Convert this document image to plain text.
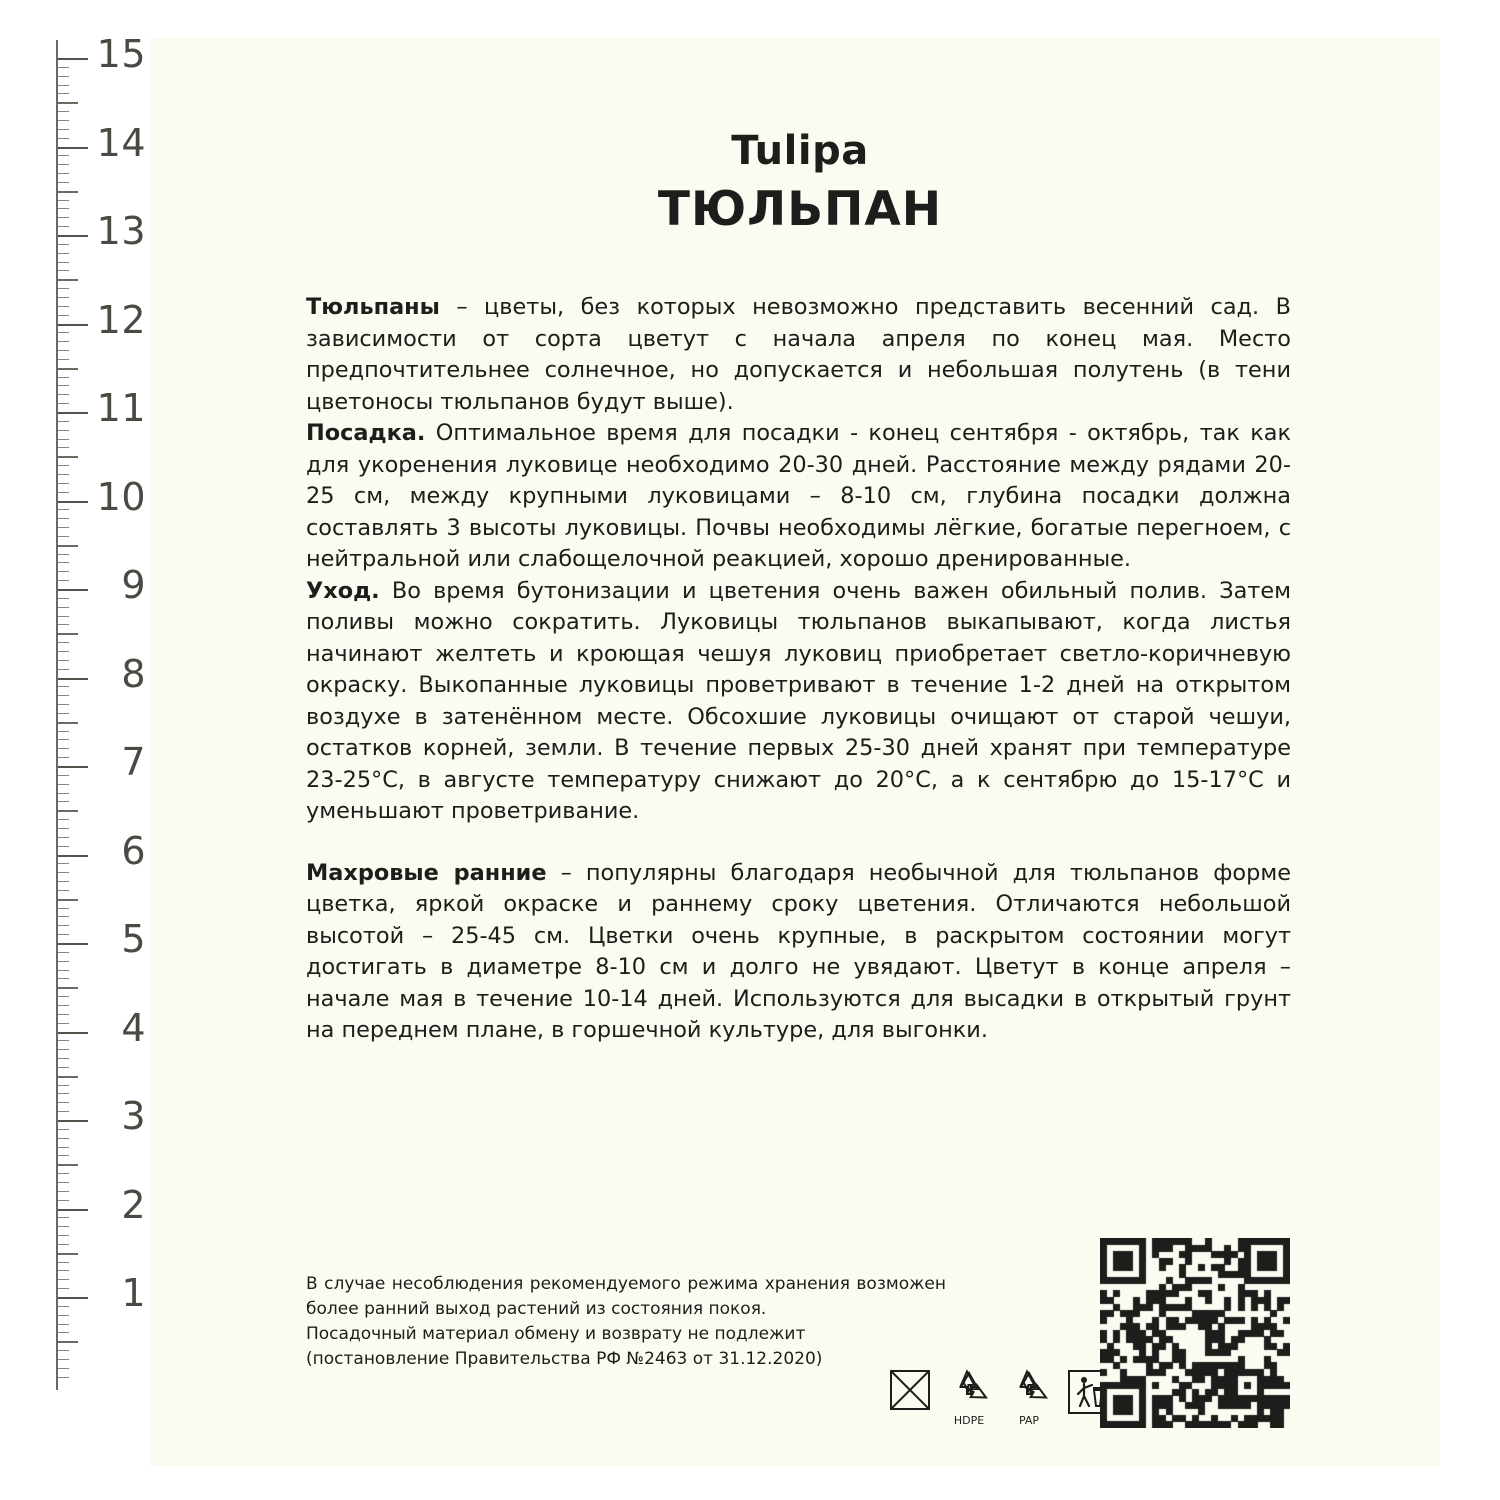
15
14
13
12
11
10
9
8
7
6
5
4
3
2
1
Tulipa
ТЮЛЬПАН
Тюльпаны – цветы, без которых невозможно представить весенний сад. В зависимости от сорта цветут с начала апреля по конец мая. Место предпочтительнее солнечное, но допускается и небольшая полутень (в тени цветоносы тюльпанов будут выше).
Посадка. Оптимальное время для посадки - конец сентября - октябрь, так как для укоренения луковице необходимо 20-30 дней. Расстояние между рядами 20-25 см, между крупными луковицами – 8-10 см, глубина посадки должна составлять 3 высоты луковицы. Почвы необходимы лёгкие, богатые перегноем, с нейтральной или слабощелочной реакцией, хорошо дренированные.
Уход. Во время бутонизации и цветения очень важен обильный полив. Затем поливы можно сократить. Луковицы тюльпанов выкапывают, когда листья начинают желтеть и кроющая чешуя луковиц приобретает светло-коричневую окраску. Выкопанные луковицы проветривают в течение 1-2 дней на открытом воздухе в затенённом месте. Обсохшие луковицы очищают от старой чешуи, остатков корней, земли. В течение первых 25-30 дней хранят при температуре 23-25°C, в августе температуру снижают до 20°C, а к сентябрю до 15-17°C и уменьшают проветривание.
Махровые ранние – популярны благодаря необычной для тюльпанов форме цветка, яркой окраске и раннему сроку цветения. Отличаются небольшой высотой – 25-45 см. Цветки очень крупные, в раскрытом состоянии могут достигать в диаметре 8-10 см и долго не увядают. Цветут в конце апреля – начале мая в течение 10-14 дней. Используются для высадки в открытый грунт на переднем плане, в горшечной культуре, для выгонки.
В случае несоблюдения рекомендуемого режима хранения возможен более ранний выход растений из состояния покоя.
Посадочный материал обмену и возврату не подлежит (постановление Правительства РФ №2463 от 31.12.2020)
HDPE	PAP
